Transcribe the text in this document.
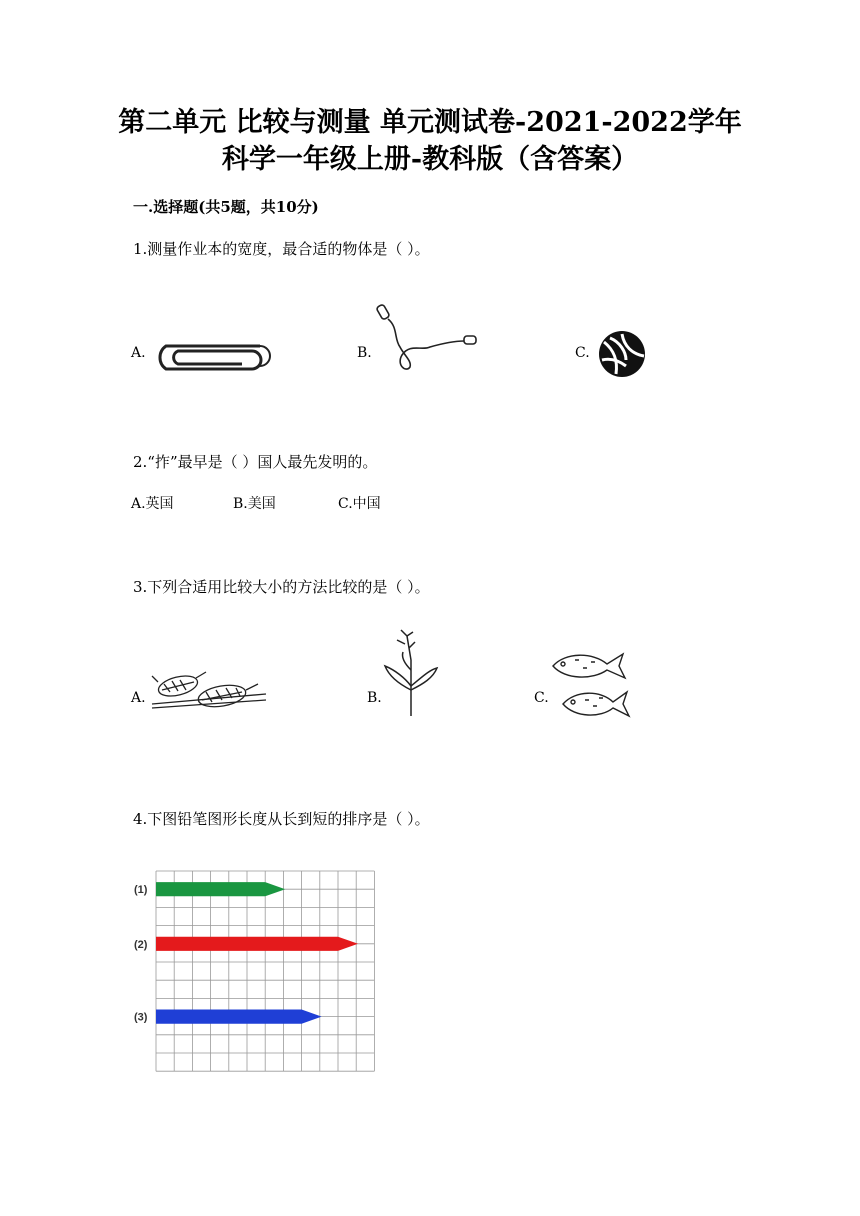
第二单元 比较与测量 单元测试卷-2021-2022学年
科学一年级上册-教科版（含答案）
一.选择题(共5题，共10分)
1.测量作业本的宽度，最合适的物体是（ ）。
A.	B.	C.
2.“拃”最早是（ ）国人最先发明的。
A.英国	B.美国	C.中国
3.下列合适用比较大小的方法比较的是（ ）。
A.	B.	C.
4.下图铅笔图形长度从长到短的排序是（ ）。
(1)
(2)
(3)
